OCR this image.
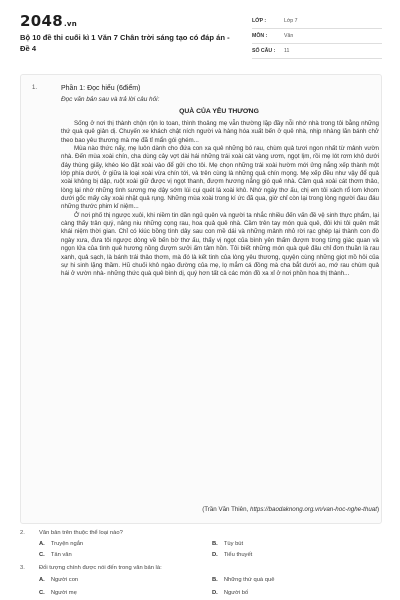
2048.vn
Bộ 10 đề thi cuối kì 1 Văn 7 Chân trời sáng tạo có đáp án - Đề 4
LỚP :	Lớp 7
MÔN :	Văn
SỐ CÂU :	11
1.	Phần 1: Đọc hiểu (6điểm)
Đọc văn bản sau và trả lời câu hỏi:
QUÀ CỦA YÊU THƯƠNG

Sống ở nơi thị thành chộn rộn lo toan, thình thoảng mẹ vẫn thường lặp đầy nỗi nhớ nhà trong tôi bằng những thứ quà quê giản dị. Chuyến xe khách chật ních người và hàng hóa xuất bến ở quê nhà, nhịp nhàng lăn bánh chở theo bao yêu thương mà mẹ đã tỉ mẩn gói ghém...

Mùa nào thức nấy, mẹ luôn dành cho đứa con xa quê những bó rau, chùm quả tươi ngon nhất từ mảnh vườn nhà. Đến mùa xoài chín, cha dùng cây vợt dài hái những trái xoài cát vàng ươm, ngọt lịm, rồi mẹ lót rơm khô dưới đáy thùng giấy, khéo léo đặt xoài vào để gửi cho tôi. Mẹ chọn những trái xoài hườm mới ửng nắng xếp thành một lớp phía dưới, ở giữa là loại xoài vừa chín tới, và trên cùng là những quả chín mọng. Mẹ xếp đều như vậy để quả xoài không bị dập, ruột xoài giữ được vị ngọt thanh, đượm hương nắng gió quê nhà. Cầm quả xoài cát thơm thảo, lòng lại nhớ những tình sương mẹ dậy sớm lúi cụi quét lá xoài khô. Nhớ ngày thơ ấu, chị em tôi xách rổ lom khom dưới gốc mấy cây xoài nhặt quả rụng. Những mùa xoài trong kí ức đã qua, giờ chỉ còn lại trong lòng người đau đáu những thước phim kỉ niệm...

Ở nơi phố thị ngược xuôi, khi niềm tin dần ngủ quên và người ta nhắc nhiều đến vấn đề vệ sinh thực phẩm, lại càng thấy trân quý, nâng niu những cọng rau, hoa quả quê nhà. Cầm trên tay món quà quê, đôi khi tôi quên mất khái niệm thời gian. Chỉ có kiúc bồng tình dây sau con mề dái và những mảnh nhỏ rời rạc ghép lại thành con đò ngày xưa, đưa tôi ngược dòng về bến bờ thơ ấu, thấy vị ngọt của bình yên thấm đượm trong từng giác quan và ngọn lửa của tình quê hương nồng đượm sưởi ấm tâm hồn. Tôi biết những món quà quê đâu chỉ đơn thuần là rau xanh, quả sạch, là bánh trái thảo thơm, mà đó là kết tinh của lòng yêu thương, quyện cùng những giọt mồ hôi của sự hi sinh lặng thầm. Hũ chuối khô ngào đường của mẹ, lọ mắm cá đồng mà cha bắt dưới ao, mớ rau chùm quả hái ở vườn nhà- những thức quà quê bình dị, quý hơn tất cả các món đồ xa xỉ ở nơi phồn hoa thị thành...

(Trần Văn Thiên, https://baodaknong.org.vn/van-hoc-nghe-thuat)
2. Văn bản trên thuộc thể loại nào?
A. Truyện ngắn	B. Tùy bút
C. Tản văn	D. Tiểu thuyết
3. Đối tượng chính được nói đến trong văn bản là:
A. Người con	B. Những thứ quà quê
C. Người mẹ	D. Người bố
